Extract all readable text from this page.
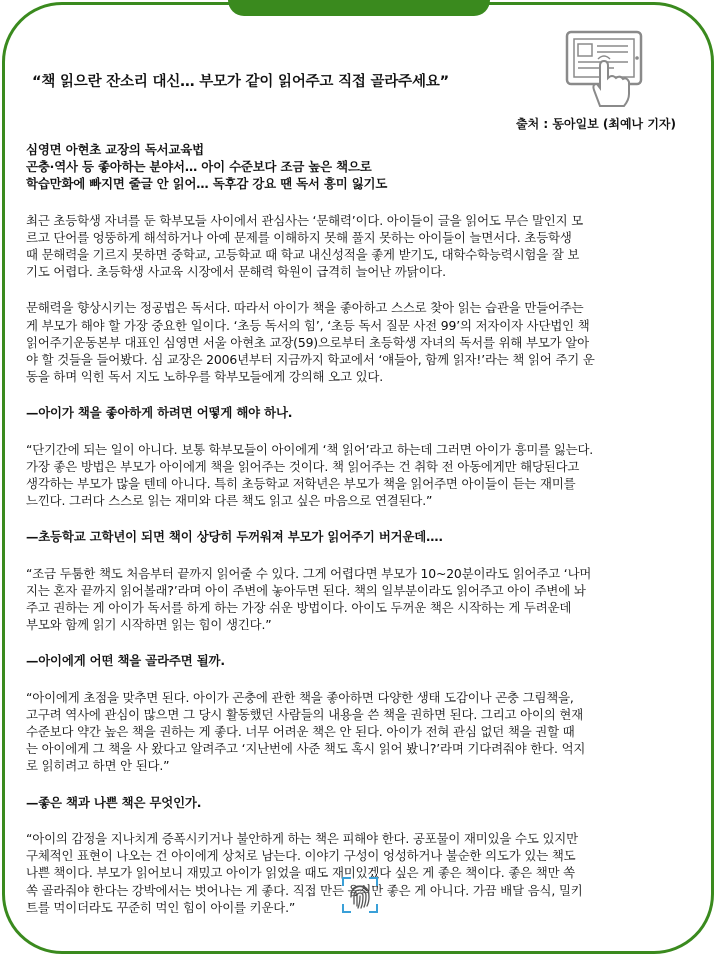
“책 읽으란 잔소리 대신… 부모가 같이 읽어주고 직접 골라주세요”
출처 : 동아일보 (최예나 기자)
심영면 아현초 교장의 독서교육법
곤충·역사 등 좋아하는 분야서… 아이 수준보다 조금 높은 책으로
학습만화에 빠지면 줄글 안 읽어… 독후감 강요 땐 독서 흥미 잃기도
최근 초등학생 자녀를 둔 학부모들 사이에서 관심사는 ‘문해력’이다. 아이들이 글을 읽어도 무슨 말인지 모
르고 단어를 엉뚱하게 해석하거나 아예 문제를 이해하지 못해 풀지 못하는 아이들이 늘면서다. 초등학생
때 문해력을 기르지 못하면 중학교, 고등학교 때 학교 내신성적을 좋게 받기도, 대학수학능력시험을 잘 보
기도 어렵다. 초등학생 사교육 시장에서 문해력 학원이 급격히 늘어난 까닭이다.
문해력을 향상시키는 정공법은 독서다. 따라서 아이가 책을 좋아하고 스스로 찾아 읽는 습관을 만들어주는
게 부모가 해야 할 가장 중요한 일이다. ‘초등 독서의 힘’, ‘초등 독서 질문 사전 99’의 저자이자 사단법인 책
읽어주기운동본부 대표인 심영면 서울 아현초 교장(59)으로부터 초등학생 자녀의 독서를 위해 부모가 알아
야 할 것들을 들어봤다. 심 교장은 2006년부터 지금까지 학교에서 ‘얘들아, 함께 읽자!’라는 책 읽어 주기 운
동을 하며 익힌 독서 지도 노하우를 학부모들에게 강의해 오고 있다.
—아이가 책을 좋아하게 하려면 어떻게 해야 하나.
“단기간에 되는 일이 아니다. 보통 학부모들이 아이에게 ‘책 읽어’라고 하는데 그러면 아이가 흥미를 잃는다.
가장 좋은 방법은 부모가 아이에게 책을 읽어주는 것이다. 책 읽어주는 건 취학 전 아동에게만 해당된다고
생각하는 부모가 많을 텐데 아니다. 특히 초등학교 저학년은 부모가 책을 읽어주면 아이들이 듣는 재미를
느낀다. 그러다 스스로 읽는 재미와 다른 책도 읽고 싶은 마음으로 연결된다.”
—초등학교 고학년이 되면 책이 상당히 두꺼워져 부모가 읽어주기 버거운데….
“조금 두툼한 책도 처음부터 끝까지 읽어줄 수 있다. 그게 어렵다면 부모가 10~20분이라도 읽어주고 ‘나머
지는 혼자 끝까지 읽어볼래?’라며 아이 주변에 놓아두면 된다. 책의 일부분이라도 읽어주고 아이 주변에 놔
주고 권하는 게 아이가 독서를 하게 하는 가장 쉬운 방법이다. 아이도 두꺼운 책은 시작하는 게 두려운데
부모와 함께 읽기 시작하면 읽는 힘이 생긴다.”
—아이에게 어떤 책을 골라주면 될까.
“아이에게 초점을 맞추면 된다. 아이가 곤충에 관한 책을 좋아하면 다양한 생태 도감이나 곤충 그림책을,
고구려 역사에 관심이 많으면 그 당시 활동했던 사람들의 내용을 쓴 책을 권하면 된다. 그리고 아이의 현재
수준보다 약간 높은 책을 권하는 게 좋다. 너무 어려운 책은 안 된다. 아이가 전혀 관심 없던 책을 권할 때
는 아이에게 그 책을 사 왔다고 알려주고 ‘지난번에 사준 책도 혹시 읽어 봤니?’라며 기다려줘야 한다. 억지
로 읽히려고 하면 안 된다.”
—좋은 책과 나쁜 책은 무엇인가.
“아이의 감정을 지나치게 증폭시키거나 불안하게 하는 책은 피해야 한다. 공포물이 재미있을 수도 있지만
구체적인 표현이 나오는 건 아이에게 상처로 남는다. 이야기 구성이 엉성하거나 불순한 의도가 있는 책도
나쁜 책이다. 부모가 읽어보니 재밌고 아이가 읽었을 때도 재미있겠다 싶은 게 좋은 책이다. 좋은 책만 쏙
쏙 골라줘야 한다는 강박에서는 벗어나는 게 좋다. 직접 만든 음식만 좋은 게 아니다. 가끔 배달 음식, 밀키
트를 먹이더라도 꾸준히 먹인 힘이 아이를 키운다.”
